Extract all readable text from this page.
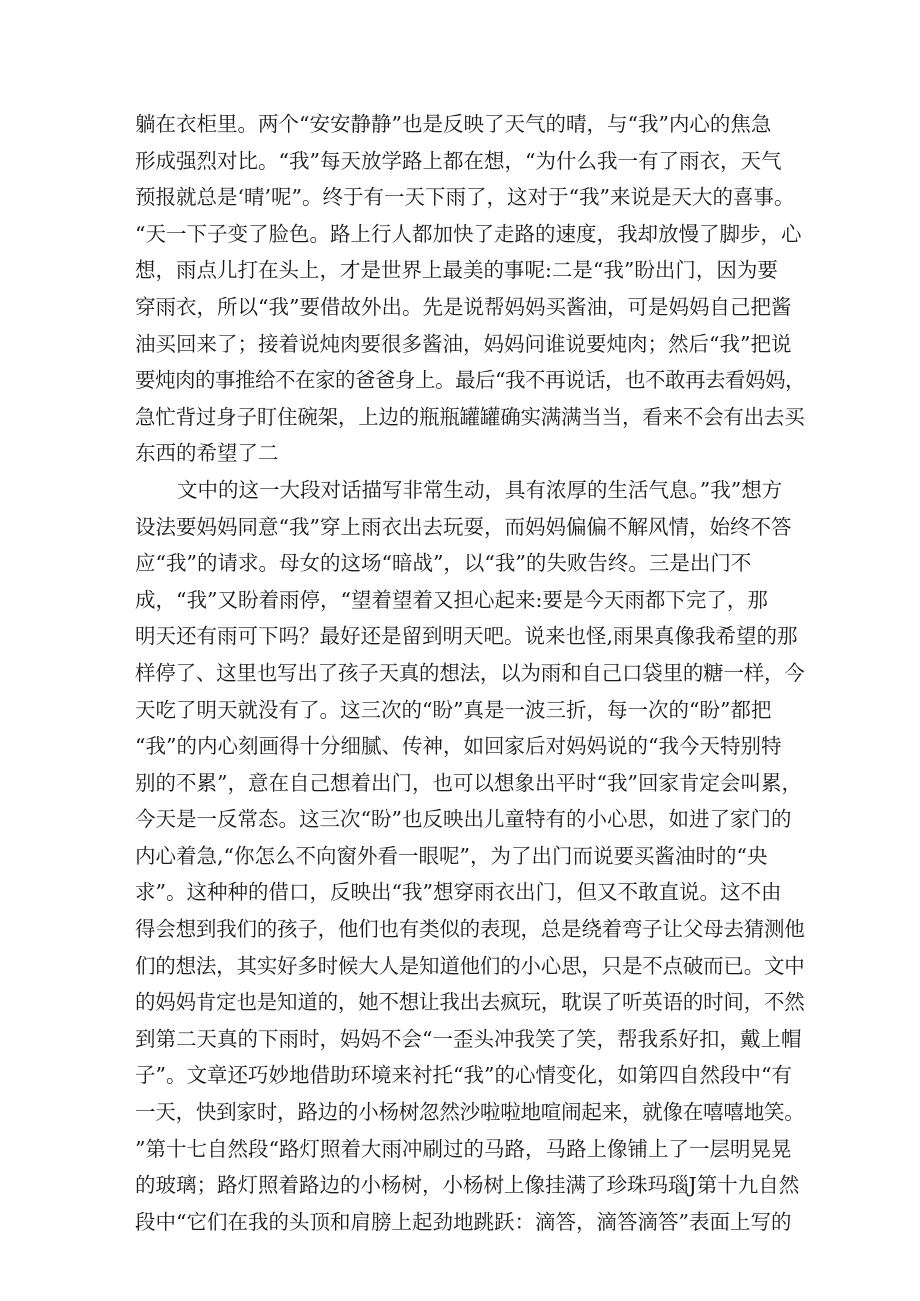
躺在衣柜里。两个“安安静静”也是反映了天气的晴，与“我”内心的焦急
形成强烈对比。“我”每天放学路上都在想，“为什么我一有了雨衣，天气
预报就总是‘晴’呢”。终于有一天下雨了，这对于“我”来说是天大的喜事。
“天一下子变了脸色。路上行人都加快了走路的速度，我却放慢了脚步，心
想，雨点儿打在头上，才是世界上最美的事呢:二是“我”盼出门，因为要
穿雨衣，所以“我”要借故外出。先是说帮妈妈买酱油，可是妈妈自己把酱
油买回来了；接着说炖肉要很多酱油，妈妈问谁说要炖肉；然后“我”把说
要炖肉的事推给不在家的爸爸身上。最后“我不再说话，也不敢再去看妈妈，
急忙背过身子盯住碗架，上边的瓶瓶罐罐确实满满当当，看来不会有出去买
东西的希望了二
文中的这一大段对话描写非常生动，具有浓厚的生活气息。”我”想方
设法要妈妈同意“我”穿上雨衣出去玩耍，而妈妈偏偏不解风情，始终不答
应“我”的请求。母女的这场“暗战”，以“我”的失败告终。三是出门不
成，“我”又盼着雨停，“望着望着又担心起来:要是今天雨都下完了，那
明天还有雨可下吗？最好还是留到明天吧。说来也怪,雨果真像我希望的那
样停了、这里也写出了孩子天真的想法，以为雨和自己口袋里的糖一样，今
天吃了明天就没有了。这三次的“盼”真是一波三折，每一次的“盼”都把
“我”的内心刻画得十分细腻、传神，如回家后对妈妈说的“我今天特别特
别的不累”，意在自己想着出门，也可以想象出平时“我”回家肯定会叫累，
今天是一反常态。这三次“盼”也反映出儿童特有的小心思，如进了家门的
内心着急,“你怎么不向窗外看一眼呢”，为了出门而说要买酱油时的“央
求”。这种种的借口，反映出“我”想穿雨衣出门，但又不敢直说。这不由
得会想到我们的孩子，他们也有类似的表现，总是绕着弯子让父母去猜测他
们的想法，其实好多时候大人是知道他们的小心思，只是不点破而已。文中
的妈妈肯定也是知道的，她不想让我出去疯玩，耽误了听英语的时间，不然
到第二天真的下雨时，妈妈不会“一歪头冲我笑了笑，帮我系好扣，戴上帽
子”。文章还巧妙地借助环境来衬托“我”的心情变化，如第四自然段中“有
一天，快到家时，路边的小杨树忽然沙啦啦地喧闹起来，就像在嘻嘻地笑。
”第十七自然段“路灯照着大雨冲刷过的马路，马路上像铺上了一层明晃晃
的玻璃；路灯照着路边的小杨树，小杨树上像挂满了珍珠玛瑙J第十九自然
段中“它们在我的头顶和肩膀上起劲地跳跃：滴答，滴答滴答”表面上写的
